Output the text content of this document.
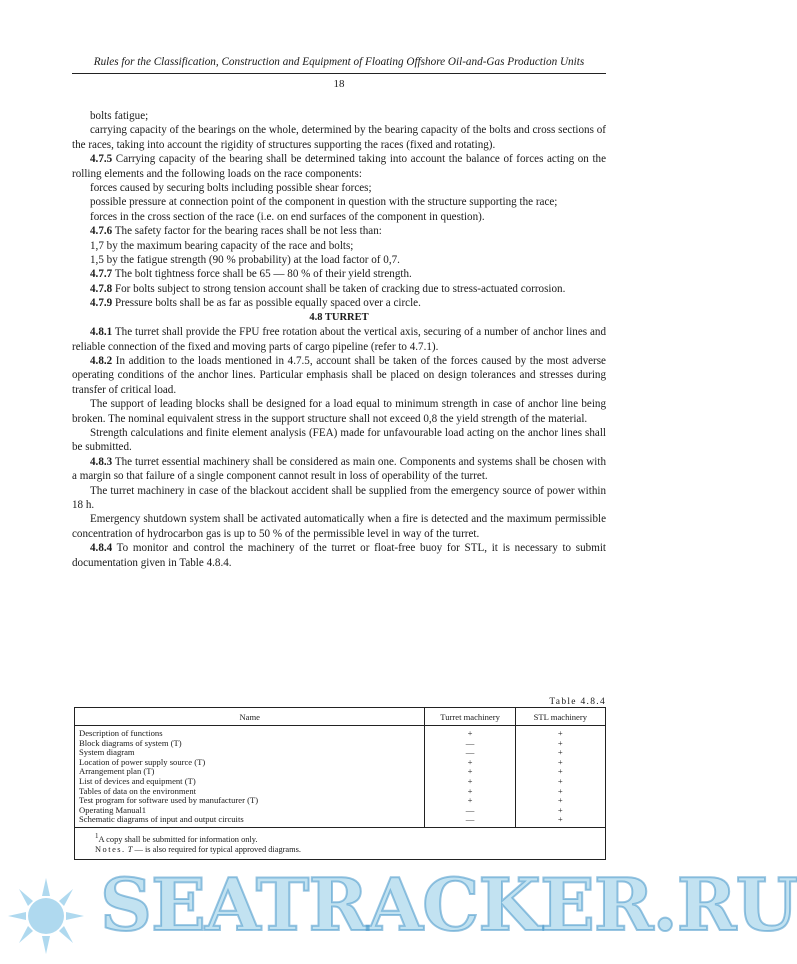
Rules for the Classification, Construction and Equipment of Floating Offshore Oil-and-Gas Production Units
18

bolts fatigue;

carrying capacity of the bearings on the whole, determined by the bearing capacity of the bolts and cross sections of the races, taking into account the rigidity of structures supporting the races (fixed and rotating).

4.7.5 Carrying capacity of the bearing shall be determined taking into account the balance of forces acting on the rolling elements and the following loads on the race components:

forces caused by securing bolts including possible shear forces;

possible pressure at connection point of the component in question with the structure supporting the race;

forces in the cross section of the race (i.e. on end surfaces of the component in question).

4.7.6 The safety factor for the bearing races shall be not less than:

1,7 by the maximum bearing capacity of the race and bolts;

1,5 by the fatigue strength (90 % probability) at the load factor of 0,7.

4.7.7 The bolt tightness force shall be 65 — 80 % of their yield strength.

4.7.8 For bolts subject to strong tension account shall be taken of cracking due to stress-actuated corrosion.

4.7.9 Pressure bolts shall be as far as possible equally spaced over a circle.

4.8 TURRET

4.8.1 The turret shall provide the FPU free rotation about the vertical axis, securing of a number of anchor lines and reliable connection of the fixed and moving parts of cargo pipeline (refer to 4.7.1).

4.8.2 In addition to the loads mentioned in 4.7.5, account shall be taken of the forces caused by the most adverse operating conditions of the anchor lines. Particular emphasis shall be placed on design tolerances and stresses during transfer of critical load.

The support of leading blocks shall be designed for a load equal to minimum strength in case of anchor line being broken. The nominal equivalent stress in the support structure shall not exceed 0,8 the yield strength of the material.

Strength calculations and finite element analysis (FEA) made for unfavourable load acting on the anchor lines shall be submitted.

4.8.3 The turret essential machinery shall be considered as main one. Components and systems shall be chosen with a margin so that failure of a single component cannot result in loss of operability of the turret.

The turret machinery in case of the blackout accident shall be supplied from the emergency source of power within 18 h.

Emergency shutdown system shall be activated automatically when a fire is detected and the maximum permissible concentration of hydrocarbon gas is up to 50 % of the permissible level in way of the turret.

4.8.4 To monitor and control the machinery of the turret or float-free buoy for STL, it is necessary to submit documentation given in Table 4.8.4.

Table 4.8.4
Name	Turret machinery	STL machinery
Description of functions	+	+
Block diagrams of system (T)	—	+
System diagram	—	+
Location of power supply source (T)	+	+
Arrangement plan (T)	+	+
List of devices and equipment (T)	+	+
Tables of data on the environment	+	+
Test program for software used by manufacturer (T)	+	+
Operating Manual1	—	+
Schematic diagrams of input and output circuits	—	+
$^1$A copy shall be submitted for information only.
Notes. T — is also required for typical approved diagrams.		
SEATRACKER.RU
